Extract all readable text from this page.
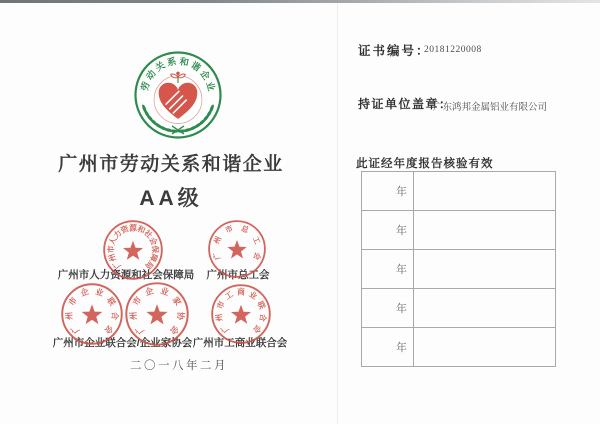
劳
动
关 系 和 谐
企
业
广州市劳动关系和谐企业
AA级
广
州
市
人
力
资 源 和
社
会
保
障
局
广
州
市 总
工
会
广
州
市
企 业
联
合
会 广
州
市
企 业
家
协
会	广
州
市
工 商 业
联
合
会
广州市人力资源和社会保障局	广州市总工会
广州市企业联合会/企业家协会 广州市工商业联合会
二〇一八年二月
证书编号：
20181220008
持证单位盖章：
广东鸿邦金属铝业有限公司
此证经年度报告核验有效
年
年
年
年
年
